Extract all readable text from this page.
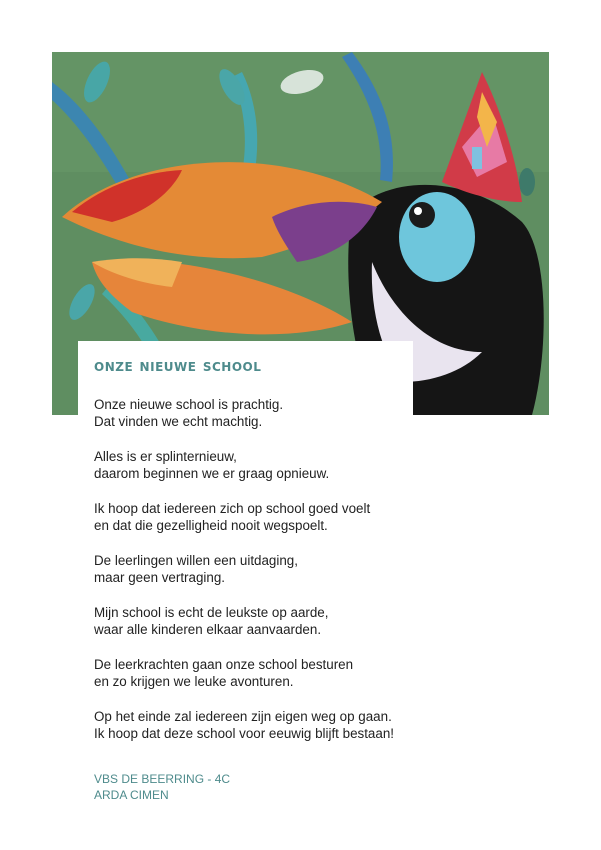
onze nieuwe school

Onze nieuwe school is prachtig.
Dat vinden we echt machtig.

Alles is er splinternieuw,
daarom beginnen we er graag opnieuw.

Ik hoop dat iedereen zich op school goed voelt
en dat die gezelligheid nooit wegspoelt.

De leerlingen willen een uitdaging,
maar geen vertraging.

Mijn school is echt de leukste op aarde,
waar alle kinderen elkaar aanvaarden.

De leerkrachten gaan onze school besturen
en zo krijgen we leuke avonturen.

Op het einde zal iedereen zijn eigen weg op gaan.
Ik hoop dat deze school voor eeuwig blijft bestaan!

VBS DE BEERRING - 4C
ARDA CIMEN
